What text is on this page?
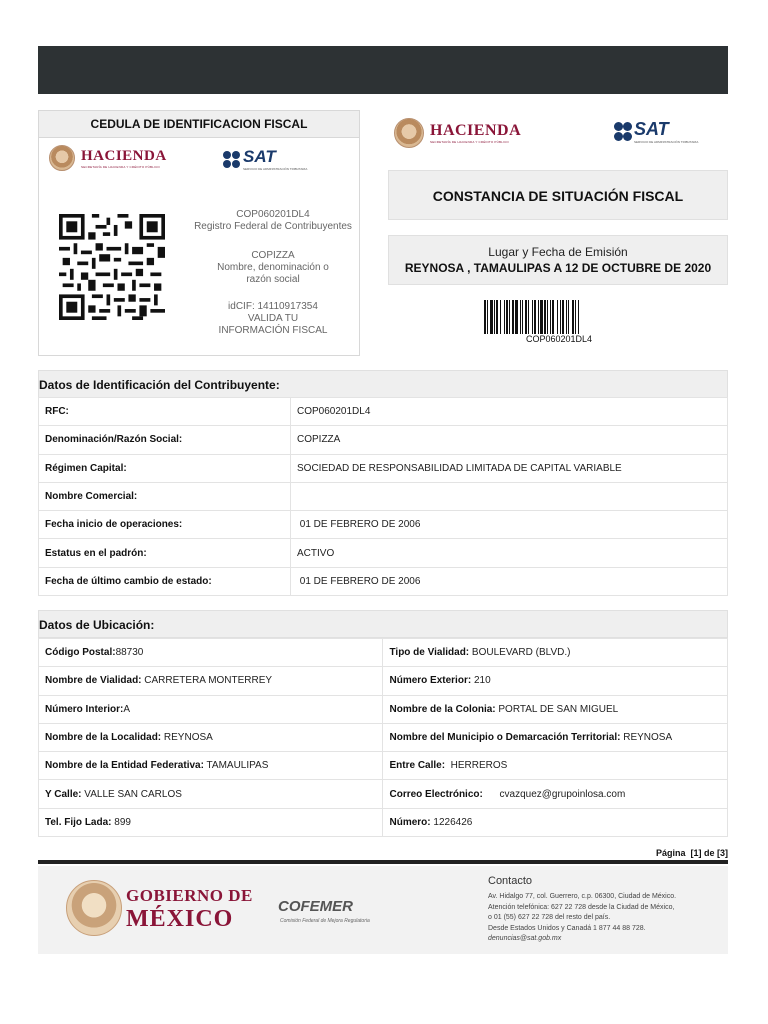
CEDULA DE IDENTIFICACION FISCAL
HACIENDA
SECRETARÍA DE HACIENDA Y CRÉDITO PÚBLICO
SAT
SERVICIO DE ADMINISTRACIÓN TRIBUTARIA
COP060201DL4
Registro Federal de Contribuyentes
COPIZZA
Nombre, denominación o razón social
idCIF: 14110917354
VALIDA TU INFORMACIÓN FISCAL
HACIENDA
SECRETARÍA DE HACIENDA Y CRÉDITO PÚBLICO
SAT
SERVICIO DE ADMINISTRACIÓN TRIBUTARIA
CONSTANCIA DE SITUACIÓN FISCAL
Lugar y Fecha de Emisión
REYNOSA , TAMAULIPAS A 12 DE OCTUBRE DE 2020
COP060201DL4
Datos de Identificación del Contribuyente:
RFC:	COP060201DL4
Denominación/Razón Social:	COPIZZA
Régimen Capital:	SOCIEDAD DE RESPONSABILIDAD LIMITADA DE CAPITAL VARIABLE
Nombre Comercial:	
Fecha inicio de operaciones:	01 DE FEBRERO DE 2006
Estatus en el padrón:	ACTIVO
Fecha de último cambio de estado:	01 DE FEBRERO DE 2006
Datos de Ubicación:
Código Postal:88730	Tipo de Vialidad: BOULEVARD (BLVD.)
Nombre de Vialidad: CARRETERA MONTERREY	Número Exterior: 210
Número Interior:A	Nombre de la Colonia: PORTAL DE SAN MIGUEL
Nombre de la Localidad: REYNOSA	Nombre del Municipio o Demarcación Territorial: REYNOSA
Nombre de la Entidad Federativa: TAMAULIPAS	Entre Calle:  HERREROS
Y Calle: VALLE SAN CARLOS	Correo Electrónico:      cvazquez@grupoinlosa.com
Tel. Fijo Lada: 899	Número: 1226426
Página  [1] de [3]
GOBIERNO DE
MÉXICO	COFEMER
Comisión Federal de Mejora Regulatoria
Contacto
Av. Hidalgo 77, col. Guerrero, c.p. 06300, Ciudad de México.
Atención telefónica: 627 22 728 desde la Ciudad de México,
o 01 (55) 627 22 728 del resto del país.
Desde Estados Unidos y Canadá 1 877 44 88 728.
denuncias@sat.gob.mx
